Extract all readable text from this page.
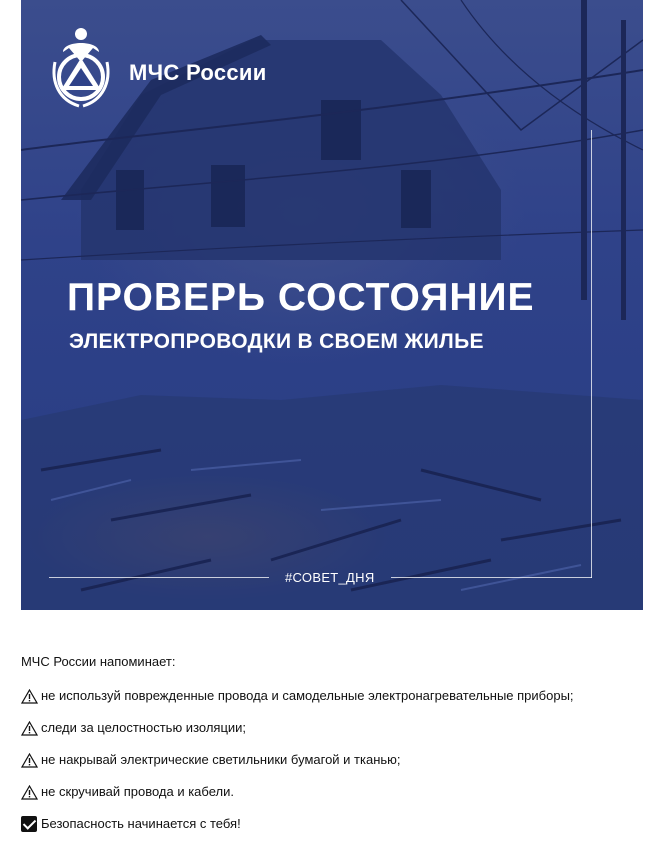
МЧС России
ПРОВЕРЬ СОСТОЯНИЕ
ЭЛЕКТРОПРОВОДКИ В СВОЕМ ЖИЛЬЕ
#СОВЕТ_ДНЯ

МЧС России напоминает:

не используй поврежденные провода и самодельные электронагревательные приборы;
следи за целостностью изоляции;
не накрывай электрические светильники бумагой и тканью;
не скручивай провода и кабели.
Безопасность начинается с тебя!
